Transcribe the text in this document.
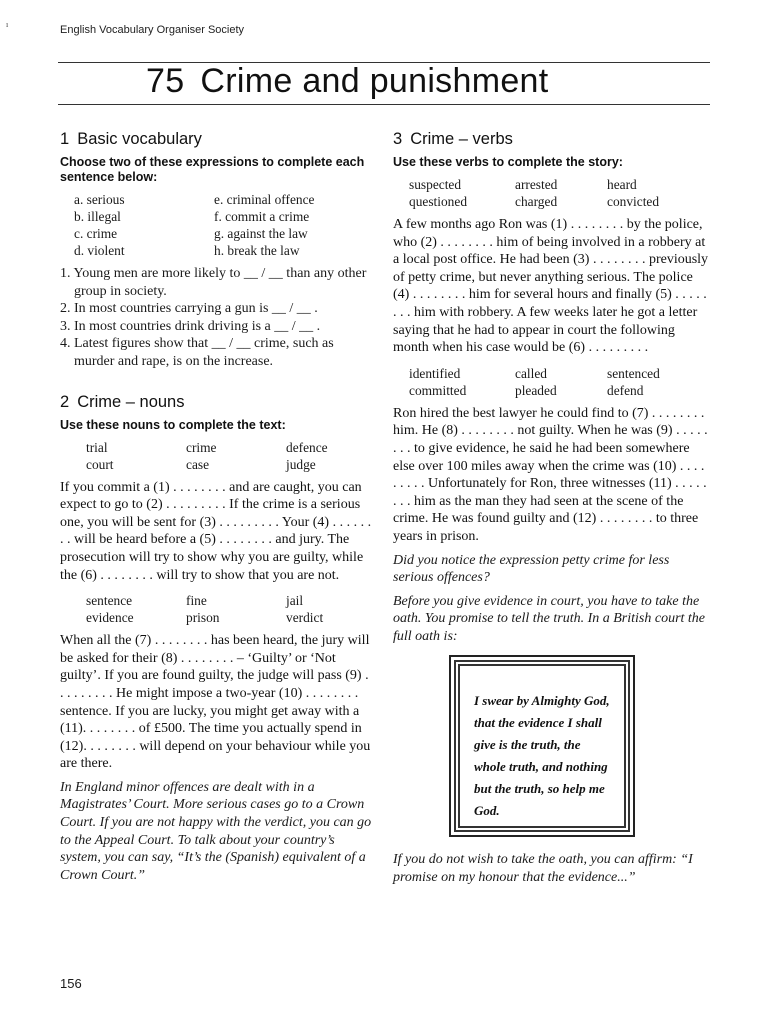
ı	English Vocabulary Organiser Society
75 Crime and punishment
1 Basic vocabulary

Choose two of these expressions to complete each sentence below:

a. serious	e. criminal offence
b. illegal	f. commit a crime
c. crime	g. against the law
d. violent	h. break the law
1. Young men are more likely to __ / __ than any other group in society.
2. In most countries carrying a gun is __ / __ .
3. In most countries drink driving is a __ / __ .
4. Latest figures show that __ / __ crime, such as murder and rape, is on the increase.
2 Crime – nouns

Use these nouns to complete the text:

trial	crime	defence
court	case	judge

If you commit a (1) . . . . . . . . and are caught, you can expect to go to (2) . . . . . . . . . If the crime is a serious one, you will be sent for (3) . . . . . . . . . Your (4) . . . . . . . . will be heard before a (5) . . . . . . . . and jury. The prosecution will try to show why you are guilty, while the (6) . . . . . . . . will try to show that you are not.

sentence	fine	jail
evidence	prison	verdict

When all the (7) . . . . . . . . has been heard, the jury will be asked for their (8) . . . . . . . . – ‘Guilty’ or ‘Not guilty’. If you are found guilty, the judge will pass (9) . . . . . . . . . He might impose a two-year (10) . . . . . . . . sentence. If you are lucky, you might get away with a (11). . . . . . . . of £500. The time you actually spend in (12). . . . . . . . will depend on your behaviour while you are there.

In England minor offences are dealt with in a Magistrates’ Court. More serious cases go to a Crown Court. If you are not happy with the verdict, you can go to the Appeal Court. To talk about your country’s system, you can say, “It’s the (Spanish) equivalent of a Crown Court.”

3 Crime – verbs

Use these verbs to complete the story:

suspected	arrested	heard
questioned	charged	convicted

A few months ago Ron was (1) . . . . . . . . by the police, who (2) . . . . . . . . him of being involved in a robbery at a local post office. He had been (3) . . . . . . . . previously of petty crime, but never anything serious. The police (4) . . . . . . . . him for several hours and finally (5) . . . . . . . . him with robbery. A few weeks later he got a letter saying that he had to appear in court the following month when his case would be (6) . . . . . . . . .

identified	called	sentenced
committed	pleaded	defend

Ron hired the best lawyer he could find to (7) . . . . . . . . him. He (8) . . . . . . . . not guilty. When he was (9) . . . . . . . . to give evidence, he said he had been somewhere else over 100 miles away when the crime was (10) . . . . . . . . . Unfortunately for Ron, three witnesses (11) . . . . . . . . him as the man they had seen at the scene of the crime. He was found guilty and (12) . . . . . . . . to three years in prison.

Did you notice the expression petty crime for less serious offences?

Before you give evidence in court, you have to take the oath. You promise to tell the truth. In a British court the full oath is:

I swear by Almighty God, that the evidence I shall give is the truth, the whole truth, and nothing but the truth, so help me God.

If you do not wish to take the oath, you can affirm: “I promise on my honour that the evidence...”

156
